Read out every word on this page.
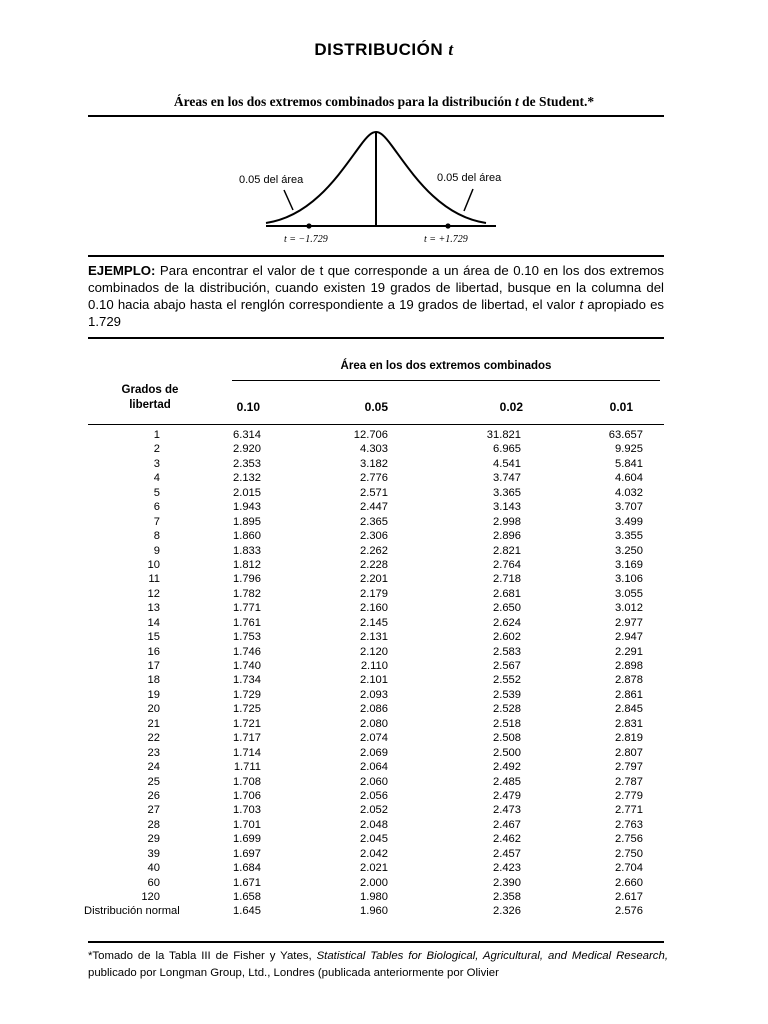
DISTRIBUCIÓN t
Áreas en los dos extremos combinados para la distribución t de Student.*
0.05 del área	0.05 del área
t = −1.729	t = +1.729
EJEMPLO: Para encontrar el valor de t que corresponde a un área de 0.10 en los dos extremos combinados de la distribución, cuando existen 19 grados de libertad, busque en la columna del 0.10 hacia abajo hasta el renglón correspondiente a 19 grados de libertad, el valor t apropiado es 1.729
Área en los dos extremos combinados
Grados de libertad	0.10	0.05	0.02	0.01
1	6.314	12.706	31.821	63.657
2	2.920	4.303	6.965	9.925
3	2.353	3.182	4.541	5.841
4	2.132	2.776	3.747	4.604
5	2.015	2.571	3.365	4.032
6	1.943	2.447	3.143	3.707
7	1.895	2.365	2.998	3.499
8	1.860	2.306	2.896	3.355
9	1.833	2.262	2.821	3.250
10	1.812	2.228	2.764	3.169
11	1.796	2.201	2.718	3.106
12	1.782	2.179	2.681	3.055
13	1.771	2.160	2.650	3.012
14	1.761	2.145	2.624	2.977
15	1.753	2.131	2.602	2.947
16	1.746	2.120	2.583	2.291
17	1.740	2.110	2.567	2.898
18	1.734	2.101	2.552	2.878
19	1.729	2.093	2.539	2.861
20	1.725	2.086	2.528	2.845
21	1.721	2.080	2.518	2.831
22	1.717	2.074	2.508	2.819
23	1.714	2.069	2.500	2.807
24	1.711	2.064	2.492	2.797
25	1.708	2.060	2.485	2.787
26	1.706	2.056	2.479	2.779
27	1.703	2.052	2.473	2.771
28	1.701	2.048	2.467	2.763
29	1.699	2.045	2.462	2.756
39	1.697	2.042	2.457	2.750
40	1.684	2.021	2.423	2.704
60	1.671	2.000	2.390	2.660
120	1.658	1.980	2.358	2.617
Distribución normal	1.645	1.960	2.326	2.576
*Tomado de la Tabla III de Fisher y Yates, Statistical Tables for Biological, Agricultural, and Medical Research, publicado por Longman Group, Ltd., Londres (publicada anteriormente por Olivier
